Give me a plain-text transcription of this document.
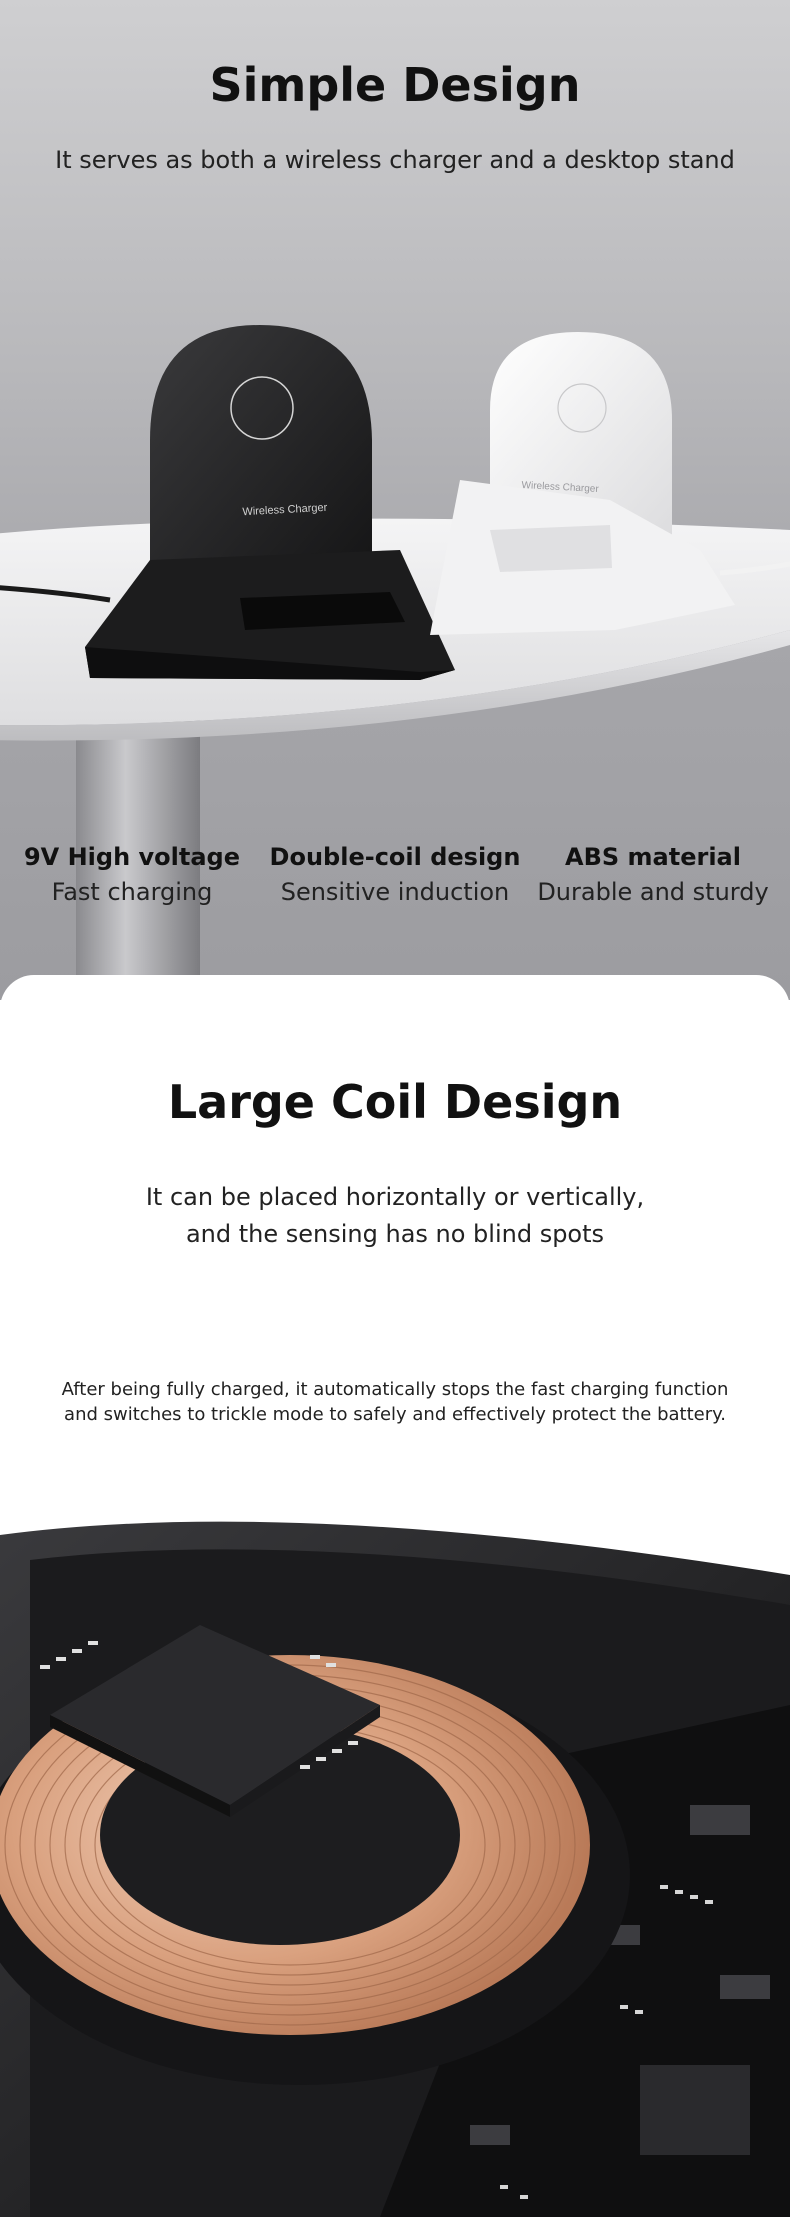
Simple Design
It serves as both a wireless charger and a desktop stand
Wireless Charger
Wireless Charger
9V High voltage
Fast charging
Double-coil design
Sensitive induction
ABS material
Durable and sturdy
Large Coil Design
It can be placed horizontally or vertically,
and the sensing has no blind spots
After being fully charged, it automatically stops the fast charging function
and switches to trickle mode to safely and effectively protect the battery.
